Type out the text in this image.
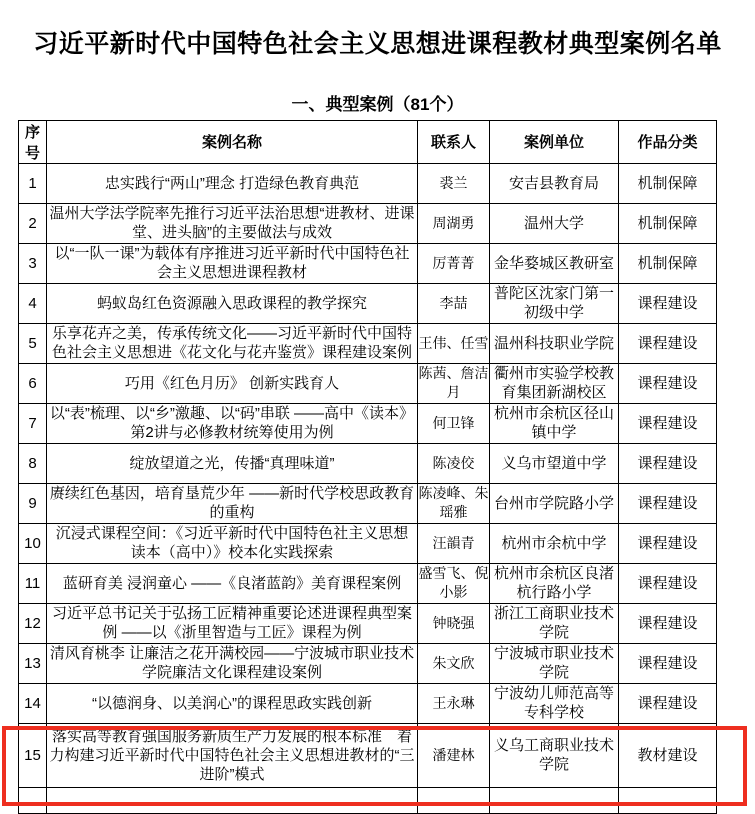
习近平新时代中国特色社会主义思想进课程教材典型案例名单
一、典型案例（81个）
序号	案例名称	联系人	案例单位	作品分类
1	忠实践行“两山”理念 打造绿色教育典范	裘兰	安吉县教育局	机制保障
2	温州大学法学院率先推行习近平法治思想“进教材、进课堂、进头脑”的主要做法与成效	周湖勇	温州大学	机制保障
3	以“一队一课”为载体有序推进习近平新时代中国特色社会主义思想进课程教材	厉菁菁	金华婺城区教研室	机制保障
4	蚂蚁岛红色资源融入思政课程的教学探究	李喆	普陀区沈家门第一初级中学	课程建设
5	乐享花卉之美，传承传统文化——习近平新时代中国特色社会主义思想进《花文化与花卉鉴赏》课程建设案例	王伟、任雪	温州科技职业学院	课程建设
6	巧用《红色月历》 创新实践育人	陈茜、詹洁月	衢州市实验学校教育集团新湖校区	课程建设
7	以“表”梳理、以“乡”激趣、以“码”串联 ——高中《读本》第2讲与必修教材统筹使用为例	何卫锋	杭州市余杭区径山镇中学	课程建设
8	绽放望道之光，传播“真理味道”	陈凌佼	义乌市望道中学	课程建设
9	赓续红色基因，培育垦荒少年 ——新时代学校思政教育的重构	陈凌峰、朱瑶雅	台州市学院路小学	课程建设
10	沉浸式课程空间：《习近平新时代中国特色社主义思想读本（高中）》校本化实践探索	汪韻青	杭州市余杭中学	课程建设
11	蓝研育美 浸润童心 ——《良渚蓝韵》美育课程案例	盛雪飞、倪小影	杭州市余杭区良渚杭行路小学	课程建设
12	习近平总书记关于弘扬工匠精神重要论述进课程典型案例 ——以《浙里智造与工匠》课程为例	钟晓强	浙江工商职业技术学院	课程建设
13	清风育桃李 让廉洁之花开满校园——宁波城市职业技术学院廉洁文化课程建设案例	朱文欣	宁波城市职业技术学院	课程建设
14	“以德润身、以美润心”的课程思政实践创新	王永琳	宁波幼儿师范高等专科学校	课程建设
15	落实高等教育强国服务新质生产力发展的根本标准　着力构建习近平新时代中国特色社会主义思想进教材的“三进阶”模式	潘建林	义乌工商职业技术学院	教材建设
